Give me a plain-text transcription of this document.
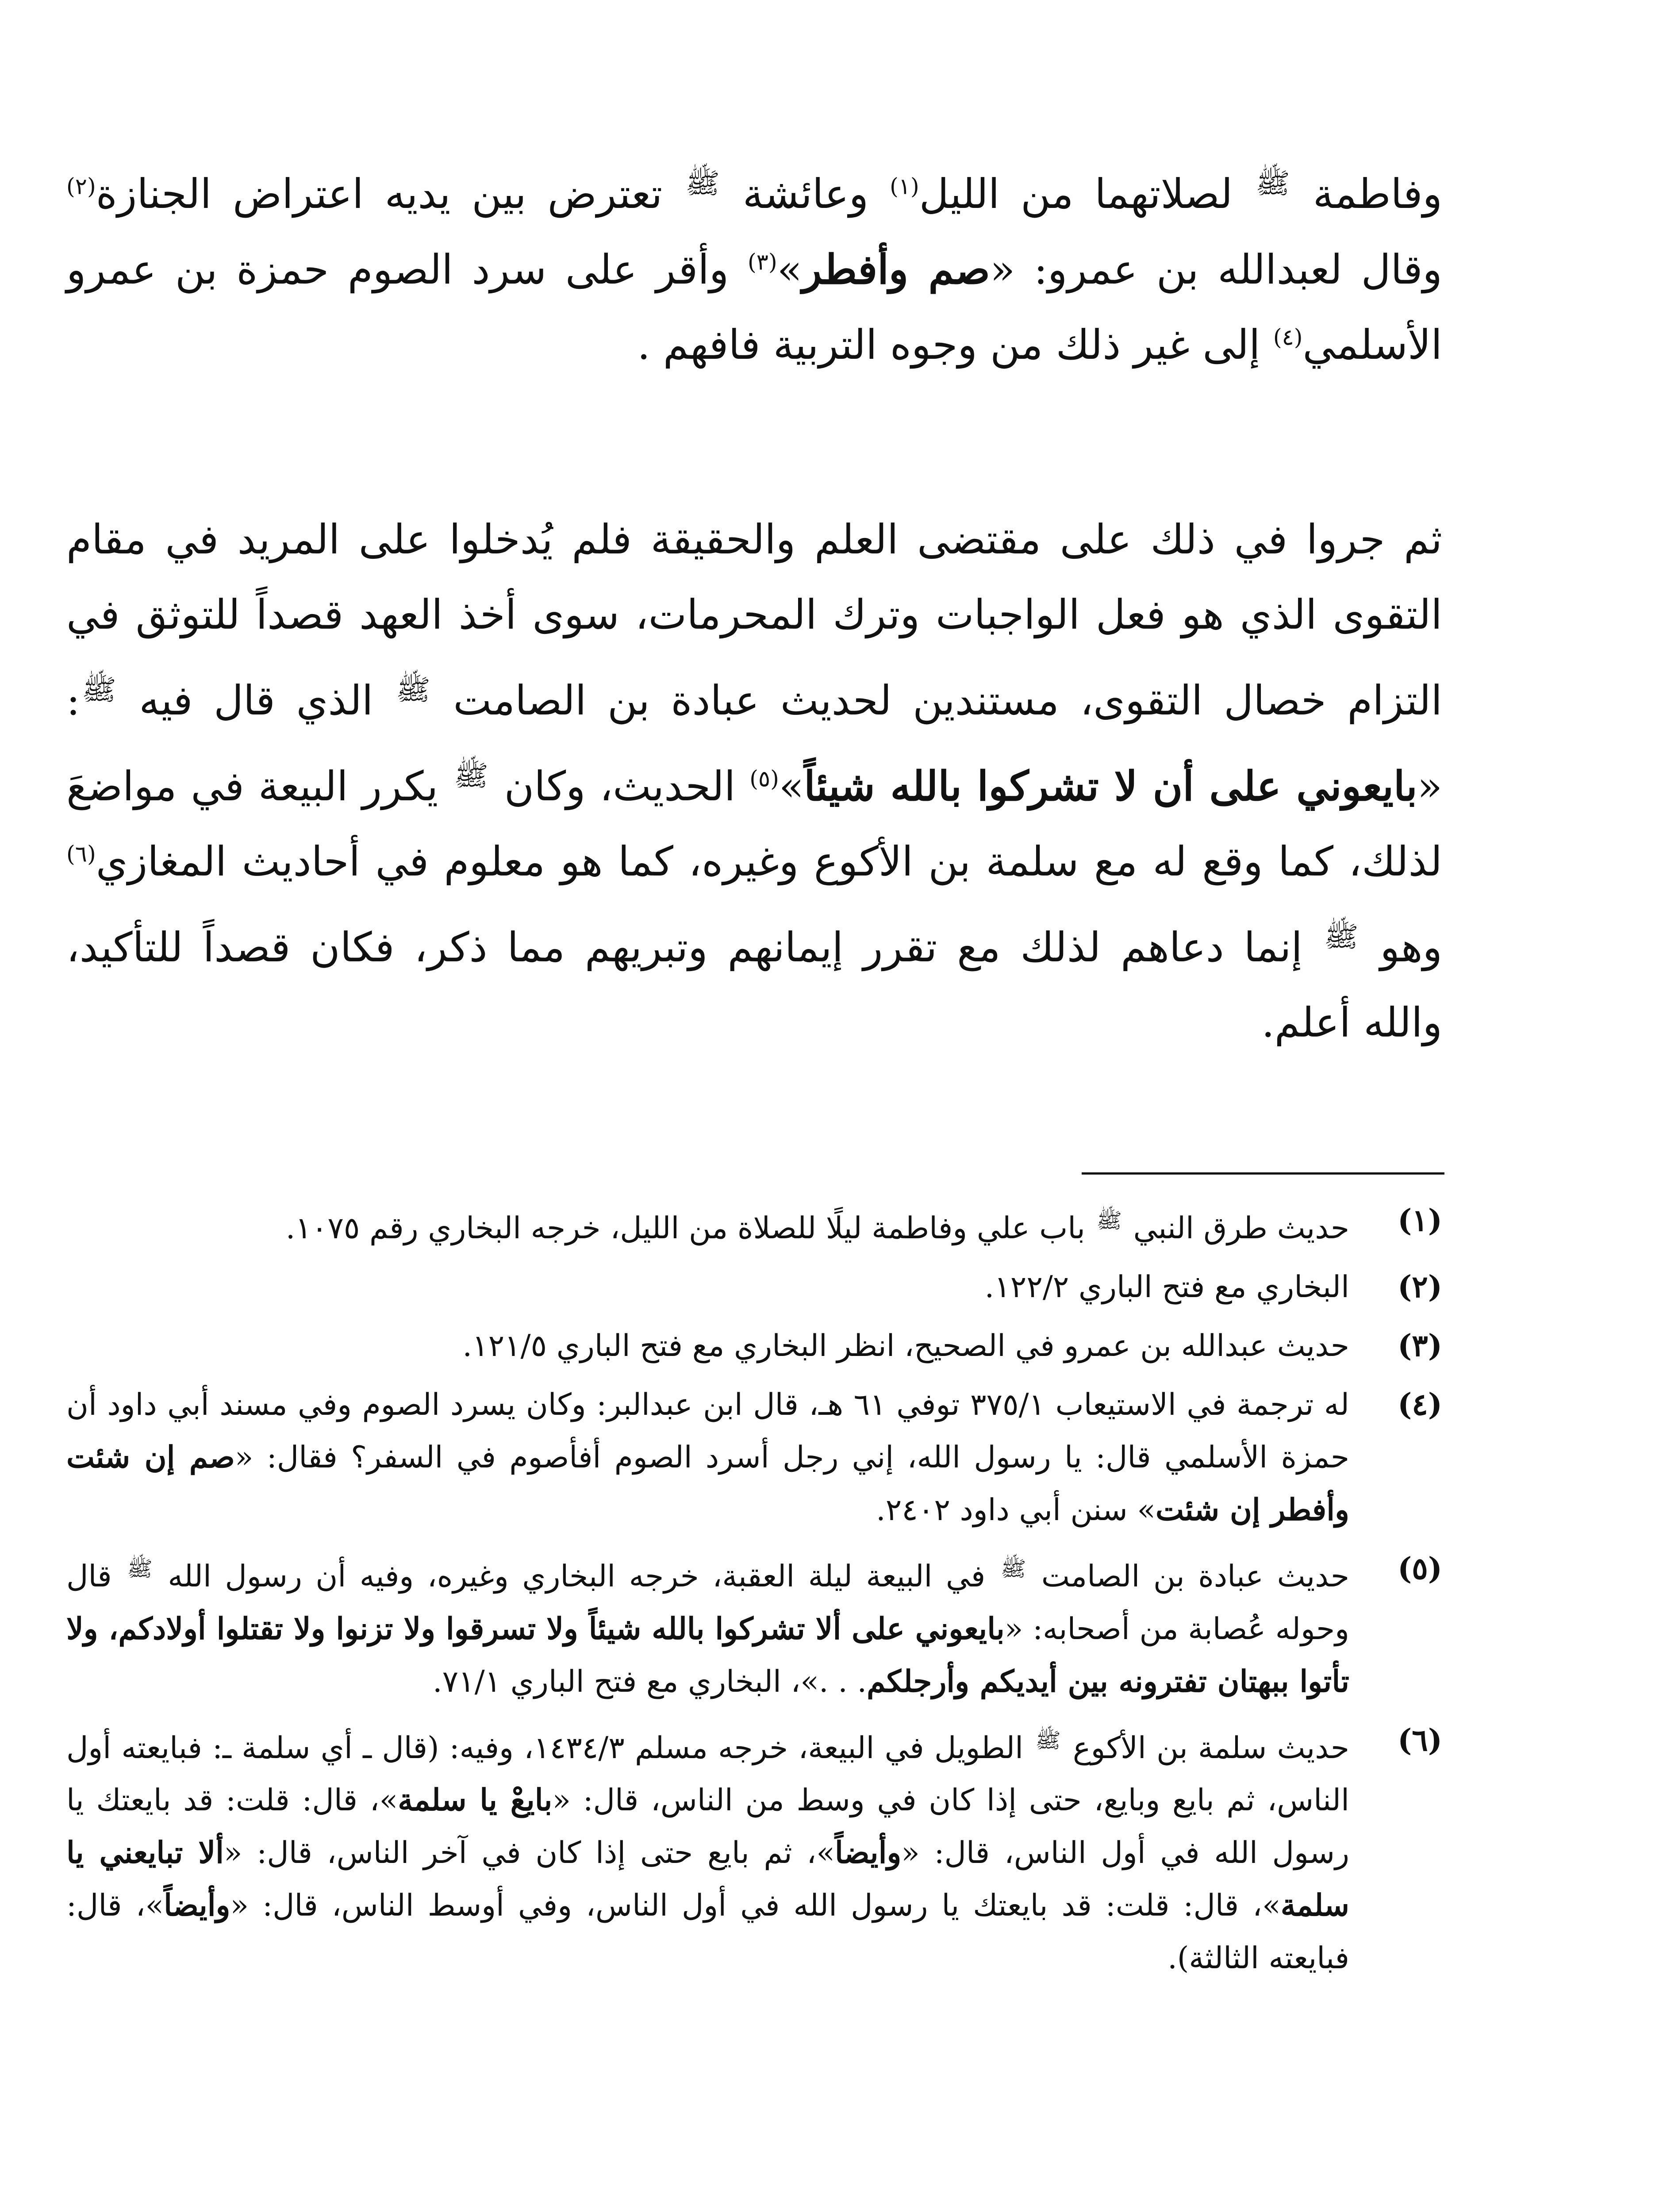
وفاطمة ﷺ لصلاتهما من الليل$^{(١)}$ وعائشة ﷺ تعترض بين يديه اعتراض الجنازة$^{(٢)}$ وقال لعبدالله بن عمرو: «صم وأفطر»$^{(٣)}$ وأقر على سرد الصوم حمزة بن عمرو الأسلمي$^{(٤)}$ إلى غير ذلك من وجوه التربية فافهم .

ثم جروا في ذلك على مقتضى العلم والحقيقة فلم يُدخلوا على المريد في مقام التقوى الذي هو فعل الواجبات وترك المحرمات، سوى أخذ العهد قصداً للتوثق في التزام خصال التقوى، مستندين لحديث عبادة بن الصامت ﷺ الذي قال فيه ﷺ: «بايعوني على أن لا تشركوا بالله شيئاً»$^{(٥)}$ الحديث، وكان ﷺ يكرر البيعة في مواضعَ لذلك، كما وقع له مع سلمة بن الأكوع وغيره، كما هو معلوم في أحاديث المغازي$^{(٦)}$ وهو ﷺ إنما دعاهم لذلك مع تقرر إيمانهم وتبريهم مما ذكر، فكان قصداً للتأكيد، والله أعلم.

(١)
حديث طرق النبي ﷺ باب علي وفاطمة ليلًا للصلاة من الليل، خرجه البخاري رقم ١٠٧٥.

(٢)
البخاري مع فتح الباري ١٢٢/٢.

(٣)
حديث عبدالله بن عمرو في الصحيح، انظر البخاري مع فتح الباري ١٢١/٥.

(٤)
له ترجمة في الاستيعاب ٣٧٥/١ توفي ٦١ هـ، قال ابن عبدالبر: وكان يسرد الصوم وفي مسند أبي داود أن حمزة الأسلمي قال: يا رسول الله، إني رجل أسرد الصوم أفأصوم في السفر؟ فقال: «صم إن شئت وأفطر إن شئت» سنن أبي داود ٢٤٠٢.

(٥)
حديث عبادة بن الصامت ﷺ في البيعة ليلة العقبة، خرجه البخاري وغيره، وفيه أن رسول الله ﷺ قال وحوله عُصابة من أصحابه: «بايعوني على ألا تشركوا بالله شيئاً ولا تسرقوا ولا تزنوا ولا تقتلوا أولادكم، ولا تأتوا ببهتان تفترونه بين أيديكم وأرجلكم. . .»، البخاري مع فتح الباري ٧١/١.

(٦)
حديث سلمة بن الأكوع ﷺ الطويل في البيعة، خرجه مسلم ١٤٣٤/٣، وفيه: (قال ـ أي سلمة ـ: فبايعته أول الناس، ثم بايع وبايع، حتى إذا كان في وسط من الناس، قال: «بايعْ يا سلمة»، قال: قلت: قد بايعتك يا رسول الله في أول الناس، قال: «وأيضاً»، ثم بايع حتى إذا كان في آخر الناس، قال: «ألا تبايعني يا سلمة»، قال: قلت: قد بايعتك يا رسول الله في أول الناس، وفي أوسط الناس، قال: «وأيضاً»، قال: فبايعته الثالثة).
